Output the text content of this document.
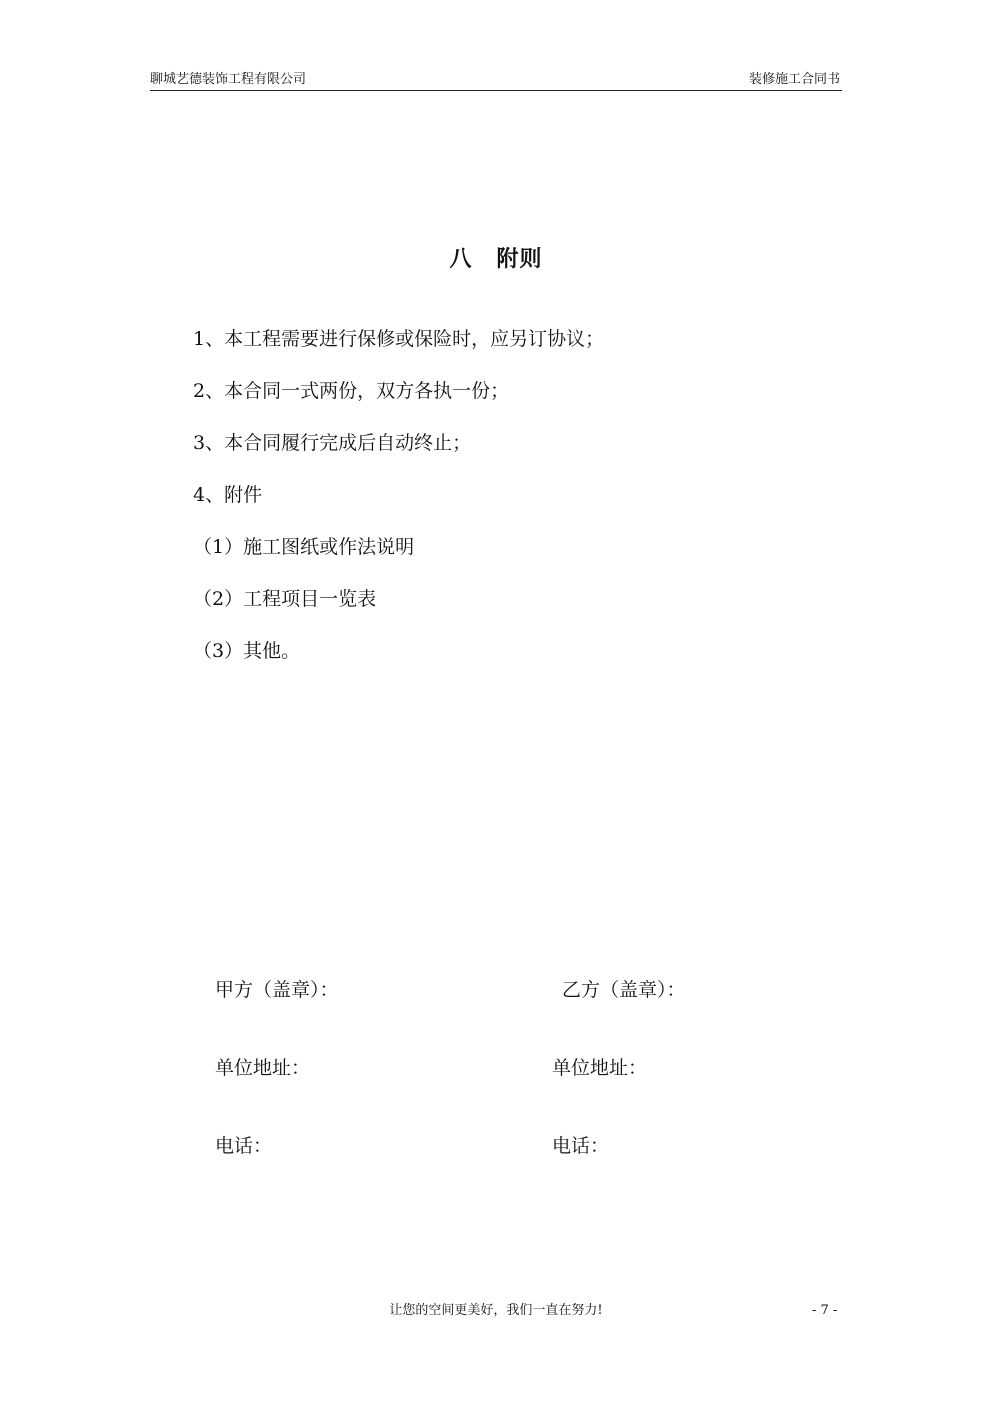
聊城艺德装饰工程有限公司	装修施工合同书
八 附则
1、本工程需要进行保修或保险时，应另订协议；
2、本合同一式两份，双方各执一份；
3、本合同履行完成后自动终止；
4、附件
（1）施工图纸或作法说明
（2）工程项目一览表
（3）其他。
甲方（盖章）：	乙方（盖章）：
单位地址：	单位地址：
电话：	电话：
让您的空间更美好，我们一直在努力!	- 7 -
